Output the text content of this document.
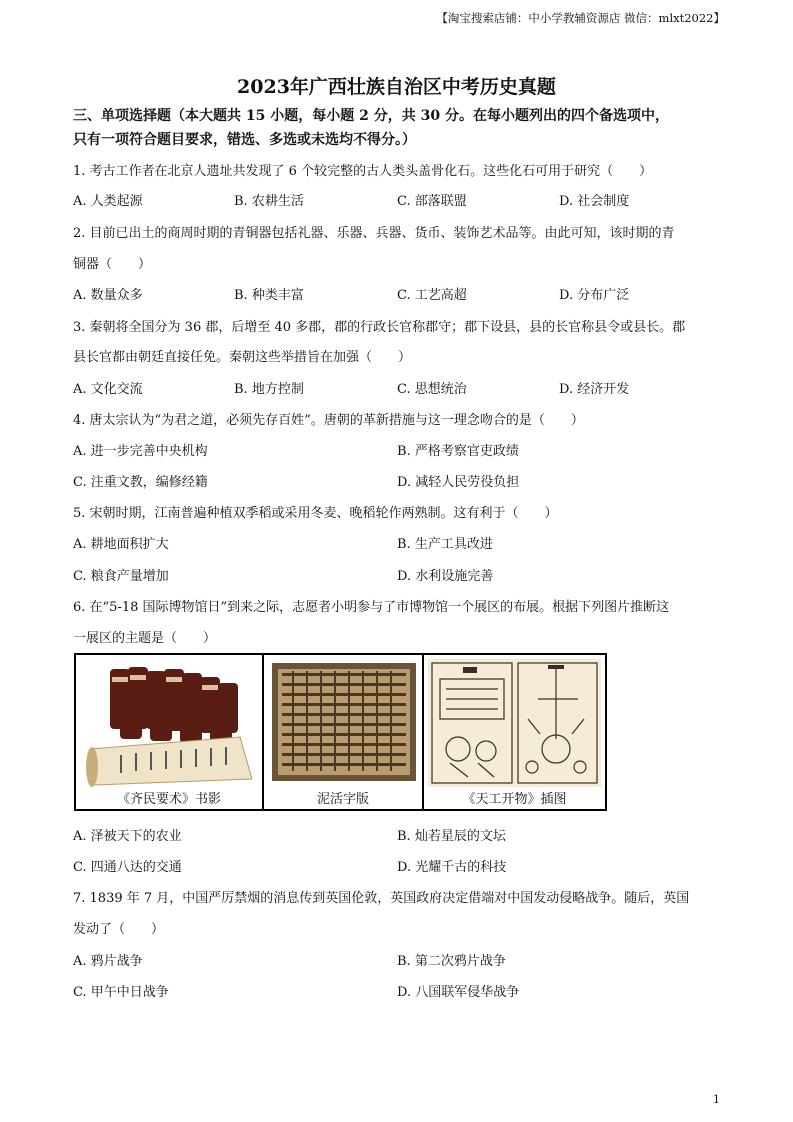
【淘宝搜索店铺：中小学教辅资源店 微信：mlxt2022】
2023年广西壮族自治区中考历史真题
三、单项选择题（本大题共 15 小题，每小题 2 分，共 30 分。在每小题列出的四个备选项中，
只有一项符合题目要求，错选、多选或未选均不得分。）
1. 考古工作者在北京人遗址共发现了 6 个较完整的古人类头盖骨化石。这些化石可用于研究（　　）
A. 人类起源	B. 农耕生活	C. 部落联盟	D. 社会制度
2. 目前已出土的商周时期的青铜器包括礼器、乐器、兵器、货币、装饰艺术品等。由此可知，该时期的青
铜器（　　）
A. 数量众多	B. 种类丰富	C. 工艺高超	D. 分布广泛
3. 秦朝将全国分为 36 郡，后增至 40 多郡，郡的行政长官称郡守；郡下设县，县的长官称县令或县长。郡
县长官都由朝廷直接任免。秦朝这些举措旨在加强（　　）
A. 文化交流	B. 地方控制	C. 思想统治	D. 经济开发
4. 唐太宗认为“为君之道，必须先存百姓”。唐朝的革新措施与这一理念吻合的是（　　）
A. 进一步完善中央机构	B. 严格考察官吏政绩
C. 注重文教，编修经籍	D. 减轻人民劳役负担
5. 宋朝时期，江南普遍种植双季稻或采用冬麦、晚稻轮作两熟制。这有利于（　　）
A. 耕地面积扩大	B. 生产工具改进
C. 粮食产量增加	D. 水利设施完善
6. 在“5-18 国际博物馆日”到来之际，志愿者小明参与了市博物馆一个展区的布展。根据下列图片推断这
一展区的主题是（　　）
《齐民要术》书影	泥活字版	《天工开物》插图
A. 泽被天下的农业	B. 灿若星辰的文坛
C. 四通八达的交通	D. 光耀千古的科技
7. 1839 年 7 月，中国严厉禁烟的消息传到英国伦敦，英国政府决定借端对中国发动侵略战争。随后，英国
发动了（　　）
A. 鸦片战争	B. 第二次鸦片战争
C. 甲午中日战争	D. 八国联军侵华战争
1
